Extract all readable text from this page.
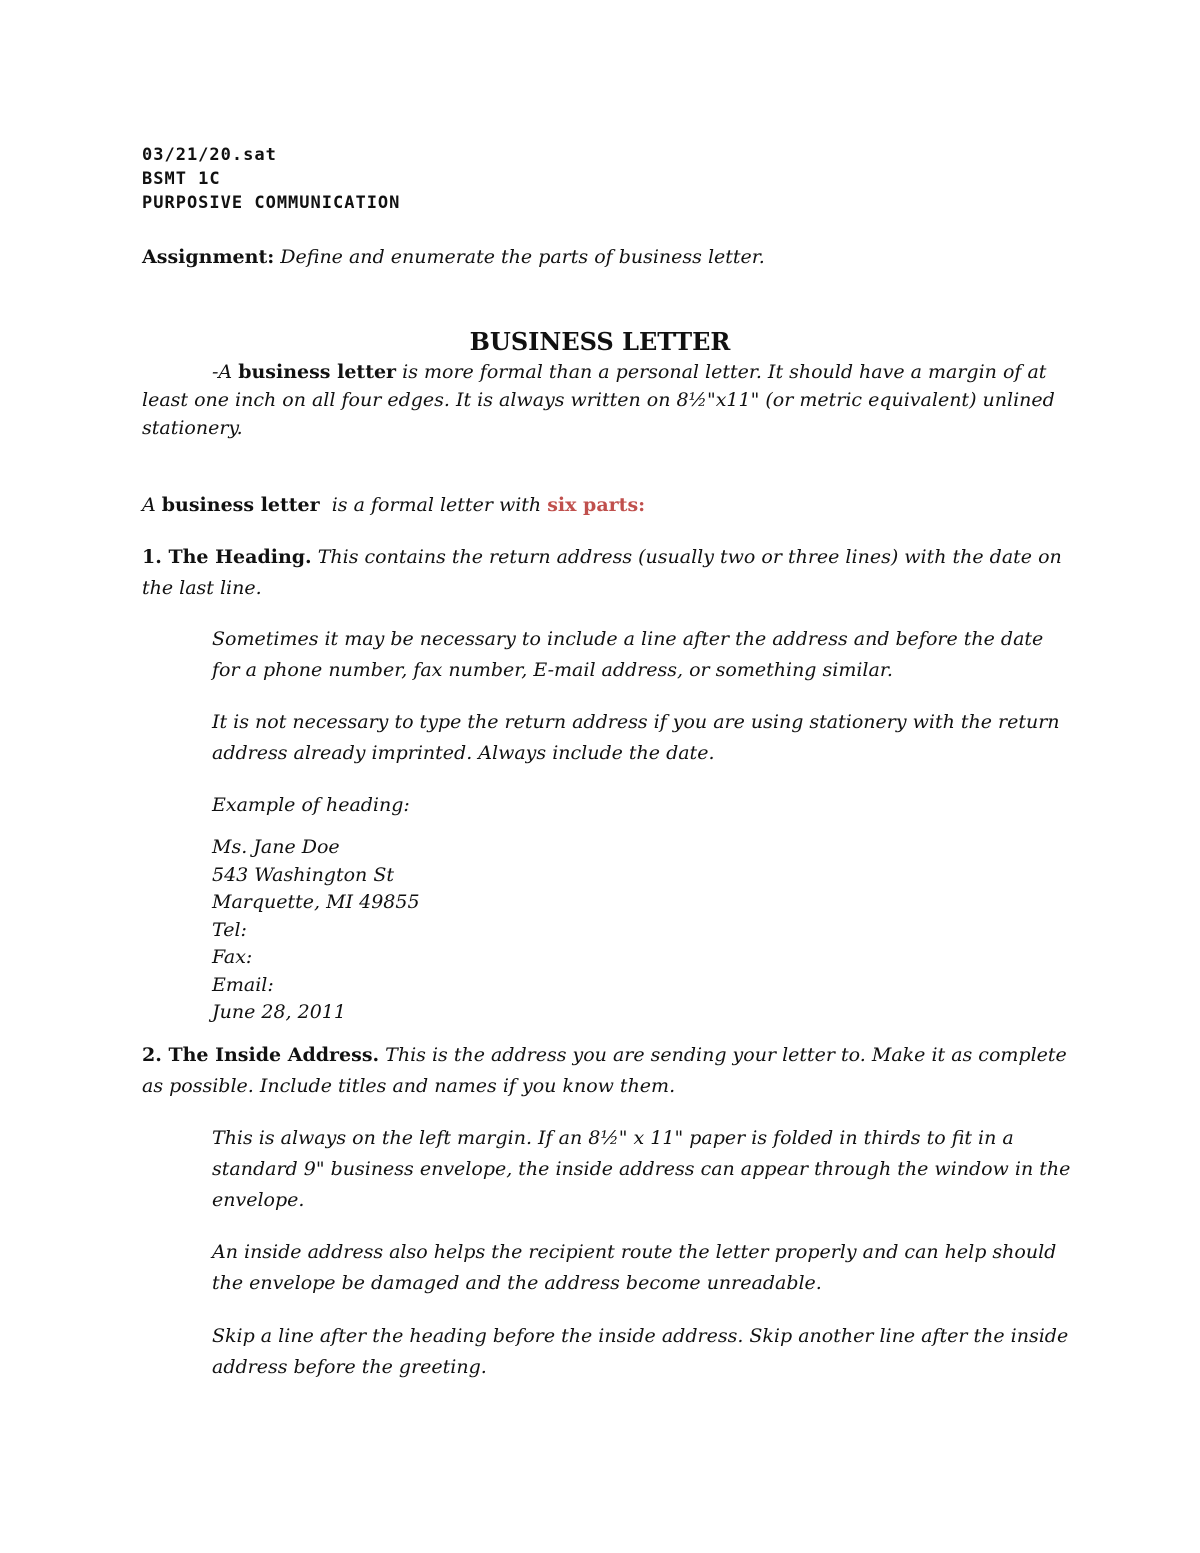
03/21/20.sat
BSMT 1C
PURPOSIVE COMMUNICATION
Assignment: Define and enumerate the parts of business letter.
BUSINESS LETTER
-A business letter is more formal than a personal letter. It should have a margin of at least one inch on all four edges. It is always written on 8½"x11" (or metric equivalent) unlined stationery.
A business letter  is a formal letter with six parts:
1. The Heading. This contains the return address (usually two or three lines) with the date on the last line.
Sometimes it may be necessary to include a line after the address and before the date for a phone number, fax number, E-mail address, or something similar.
It is not necessary to type the return address if you are using stationery with the return address already imprinted. Always include the date.
Example of heading:
Ms. Jane Doe
543 Washington St
Marquette, MI 49855
Tel:
Fax:
Email:
June 28, 2011
2. The Inside Address. This is the address you are sending your letter to. Make it as complete as possible. Include titles and names if you know them.
This is always on the left margin. If an 8½" x 11" paper is folded in thirds to fit in a standard 9" business envelope, the inside address can appear through the window in the envelope.
An inside address also helps the recipient route the letter properly and can help should the envelope be damaged and the address become unreadable.
Skip a line after the heading before the inside address. Skip another line after the inside address before the greeting.
